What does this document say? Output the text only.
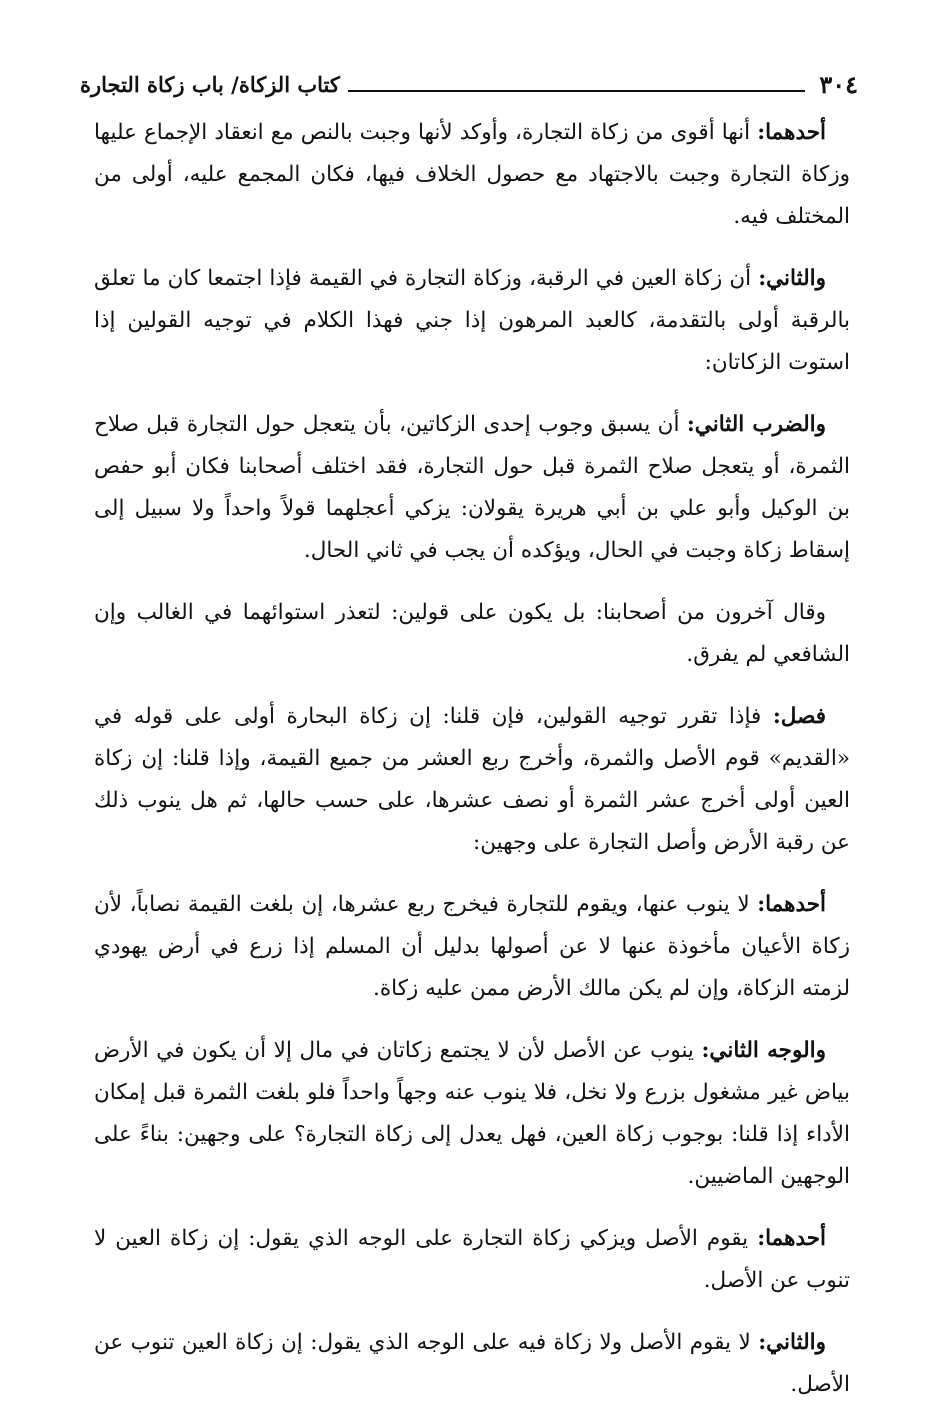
٣٠٤
كتاب الزكاة/ باب زكاة التجارة

أحدهما: أنها أقوى من زكاة التجارة، وأوكد لأنها وجبت بالنص مع انعقاد الإجماع عليها وزكاة التجارة وجبت بالاجتهاد مع حصول الخلاف فيها، فكان المجمع عليه، أولى من المختلف فيه.

والثاني: أن زكاة العين في الرقبة، وزكاة التجارة في القيمة فإذا اجتمعا كان ما تعلق بالرقبة أولى بالتقدمة، كالعبد المرهون إذا جني فهذا الكلام في توجيه القولين إذا استوت الزكاتان:

والضرب الثاني: أن يسبق وجوب إحدى الزكاتين، بأن يتعجل حول التجارة قبل صلاح الثمرة، أو يتعجل صلاح الثمرة قبل حول التجارة، فقد اختلف أصحابنا فكان أبو حفص بن الوكيل وأبو علي بن أبي هريرة يقولان: يزكي أعجلهما قولاً واحداً ولا سبيل إلى إسقاط زكاة وجبت في الحال، ويؤكده أن يجب في ثاني الحال.

وقال آخرون من أصحابنا: بل يكون على قولين: لتعذر استوائهما في الغالب وإن الشافعي لم يفرق.

فصل: فإذا تقرر توجيه القولين، فإن قلنا: إن زكاة البحارة أولى على قوله في «القديم» قوم الأصل والثمرة، وأخرج ربع العشر من جميع القيمة، وإذا قلنا: إن زكاة العين أولى أخرج عشر الثمرة أو نصف عشرها، على حسب حالها، ثم هل ينوب ذلك عن رقبة الأرض وأصل التجارة على وجهين:

أحدهما: لا ينوب عنها، ويقوم للتجارة فيخرج ربع عشرها، إن بلغت القيمة نصاباً، لأن زكاة الأعيان مأخوذة عنها لا عن أصولها بدليل أن المسلم إذا زرع في أرض يهودي لزمته الزكاة، وإن لم يكن مالك الأرض ممن عليه زكاة.

والوجه الثاني: ينوب عن الأصل لأن لا يجتمع زكاتان في مال إلا أن يكون في الأرض بياض غير مشغول بزرع ولا نخل، فلا ينوب عنه وجهاً واحداً فلو بلغت الثمرة قبل إمكان الأداء إذا قلنا: بوجوب زكاة العين، فهل يعدل إلى زكاة التجارة؟ على وجهين: بناءً على الوجهين الماضيين.

أحدهما: يقوم الأصل ويزكي زكاة التجارة على الوجه الذي يقول: إن زكاة العين لا تنوب عن الأصل.

والثاني: لا يقوم الأصل ولا زكاة فيه على الوجه الذي يقول: إن زكاة العين تنوب عن الأصل.
